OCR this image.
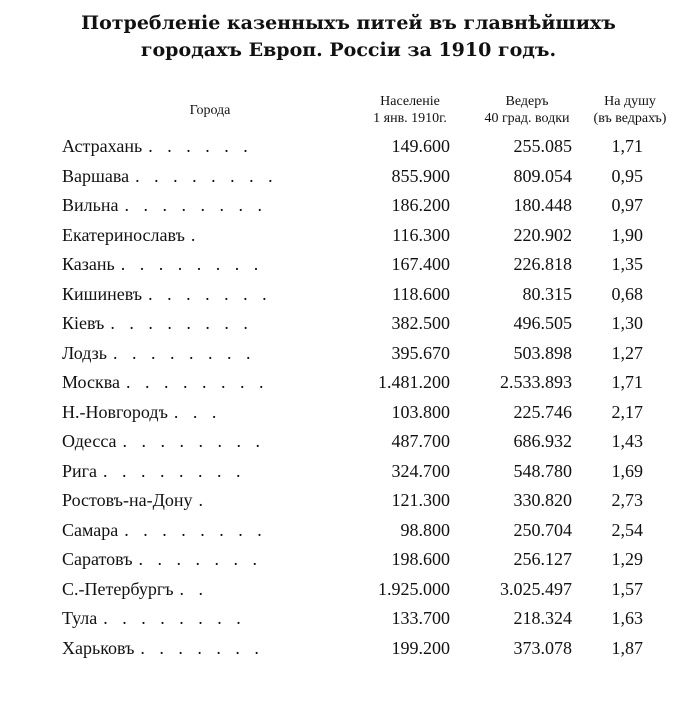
Потребленіе казенныхъ питей въ главнѣйшихъ
городахъ Европ. Россіи за 1910 годъ.
Города
Населеніе
1 янв. 1910г.
Ведеръ
40 град. водки
На душу
(въ ведрахъ)
Астрахань . . . . . .	149.600	255.085 1,71
Варшава . . . . . . . .	855.900	809.054 0,95
Вильна . . . . . . . .	186.200	180.448 0,97
Екатеринославъ .	116.300	220.902 1,90
Казань . . . . . . . .	167.400	226.818 1,35
Кишиневъ . . . . . . .	118.600	80.315 0,68
Кіевъ . . . . . . . .	382.500	496.505 1,30
Лодзь . . . . . . . .	395.670	503.898 1,27
Москва . . . . . . . .	1.481.200	2.533.893 1,71
Н.-Новгородъ . . .	103.800	225.746 2,17
Одесса . . . . . . . .	487.700	686.932 1,43
Рига . . . . . . . .	324.700	548.780 1,69
Ростовъ-на-Дону .	121.300	330.820 2,73
Самара . . . . . . . .	98.800	250.704 2,54
Саратовъ . . . . . . .	198.600	256.127 1,29
С.-Петербургъ . .	1.925.000	3.025.497 1,57
Тула . . . . . . . .	133.700	218.324 1,63
Харьковъ . . . . . . .	199.200	373.078 1,87
